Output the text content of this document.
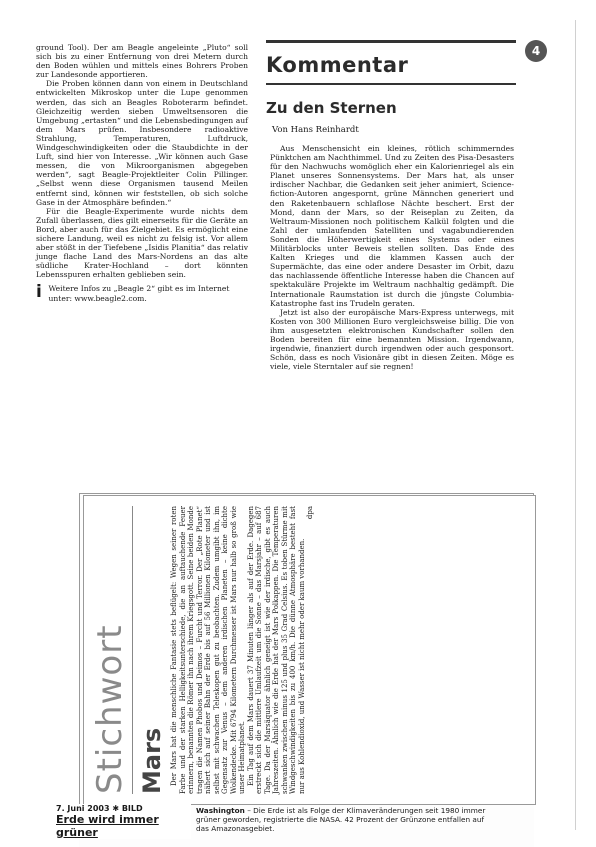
4

ground Tool). Der am Beagle angeleinte „Pluto“ soll sich bis zu einer Entfernung von drei Metern durch den Boden wühlen und mittels eines Bohrers Proben zur Landesonde apportieren.

Die Proben können dann von einem in Deutschland entwickelten Mikroskop unter die Lupe genommen werden, das sich an Beagles Roboterarm befindet. Gleichzeitig werden sieben Umweltsensoren die Umgebung „ertasten“ und die Lebensbedingungen auf dem Mars prüfen. Insbesondere radioaktive Strahlung, Temperaturen, Luftdruck, Windgeschwindigkeiten oder die Staubdichte in der Luft, sind hier von Interesse. „Wir können auch Gase messen, die von Mikroorganismen abgegeben werden“, sagt Beagle-Projektleiter Colin Pillinger. „Selbst wenn diese Organismen tausend Meilen entfernt sind, können wir feststellen, ob sich solche Gase in der Atmosphäre befinden.“

Für die Beagle-Experimente wurde nichts dem Zufall überlassen, dies gilt einerseits für die Geräte an Bord, aber auch für das Zielgebiet. Es ermöglicht eine sichere Landung, weil es nicht zu felsig ist. Vor allem aber stößt in der Tiefebene „Isidis Planitia“ das relativ junge flache Land des Mars-Nordens an das alte südliche Krater-Hochland – dort könnten Lebensspuren erhalten geblieben sein.

i Weitere Infos zu „Beagle 2“ gibt es im Internet unter: www.beagle2.com.
Kommentar
Zu den Sternen
Von Hans Reinhardt

Aus Menschensicht ein kleines, rötlich schimmerndes Pünktchen am Nachthimmel. Und zu Zeiten des Pisa-Desasters für den Nachwuchs womöglich eher ein Kalorienriegel als ein Planet unseres Sonnensystems. Der Mars hat, als unser irdischer Nachbar, die Gedanken seit jeher animiert, Science-fiction-Autoren angespornt, grüne Männchen generiert und den Raketenbauern schlaflose Nächte beschert. Erst der Mond, dann der Mars, so der Reiseplan zu Zeiten, da Weltraum-Missionen noch politischem Kalkül folgten und die Zahl der umlaufenden Satelliten und vagabundierenden Sonden die Höherwertigkeit eines Systems oder eines Militärblocks unter Beweis stellen sollten. Das Ende des Kalten Krieges und die klammen Kassen auch der Supermächte, das eine oder andere Desaster im Orbit, dazu das nachlassende öffentliche Interesse haben die Chancen auf spektakuläre Projekte im Weltraum nachhaltig gedämpft. Die Internationale Raumstation ist durch die jüngste Columbia-Katastrophe fast ins Trudeln geraten.

Jetzt ist also der europäische Mars-Express unterwegs, mit Kosten von 300 Millionen Euro vergleichsweise billig. Die von ihm ausgesetzten elektronischen Kundschafter sollen den Boden bereiten für eine bemannten Mission. Irgendwann, irgendwie, finanziert durch irgendwen oder auch gesponsort. Schön, dass es noch Visionäre gibt in diesen Zeiten. Möge es viele, viele Sterntaler auf sie regnen!

Stichwort Mars Der Mars hat die menschliche Fantasie stets beflügelt: Wegen seiner roten Farbe und der starken Helligkeitsunterschiede, die an auftauchende Feuer erinnern, benannten die Römer ihn nach ihrem Kriegsgott. Seine beiden Monde tragen die Namen Phobos und Deimos – Furcht und Terror. Der „Rote Planet“ nähert sich auf seiner Bahn der Erde bis auf 56 Millionen Kilometer und ist selbst mit schwachen Teleskopen gut zu beobachten. Zudem umgibt ihn, im Gegensatz zur Venus – dem anderen irdischen Planeten – keine dichte Wolkendecke. Mit 6794 Kilometern Durchmesser ist Mars nur halb so groß wie unser Heimatplanet. Ein Tag auf dem Mars dauert 37 Minuten länger als auf der Erde. Dagegen erstreckt sich die mittlere Umlaufzeit um die Sonne – das Marsjahr – auf 687 Tage. Da der Marsäquator ähnlich geneigt ist wie der irdische, gibt es auch Jahreszeiten. Ähnlich wie die Erde hat der Mars Polkappen. Die Temperaturen schwanken zwischen minus 125 und plus 35 Grad Celsius. Es toben Stürme mit Windgeschwindigkeiten bis zu 400 km/h. Die dünne Atmosphäre besteht fast nur aus Kohlendioxid, und Wasser ist nicht mehr oder kaum vorhanden.

dpa
7. Juni 2003 ✱ BILD
Erde wird immer grüner
Washington – Die Erde ist als Folge der Klimaveränderungen seit 1980 immer grüner geworden, registrierte die NASA. 42 Prozent der Grünzone entfallen auf das Amazonasgebiet.
